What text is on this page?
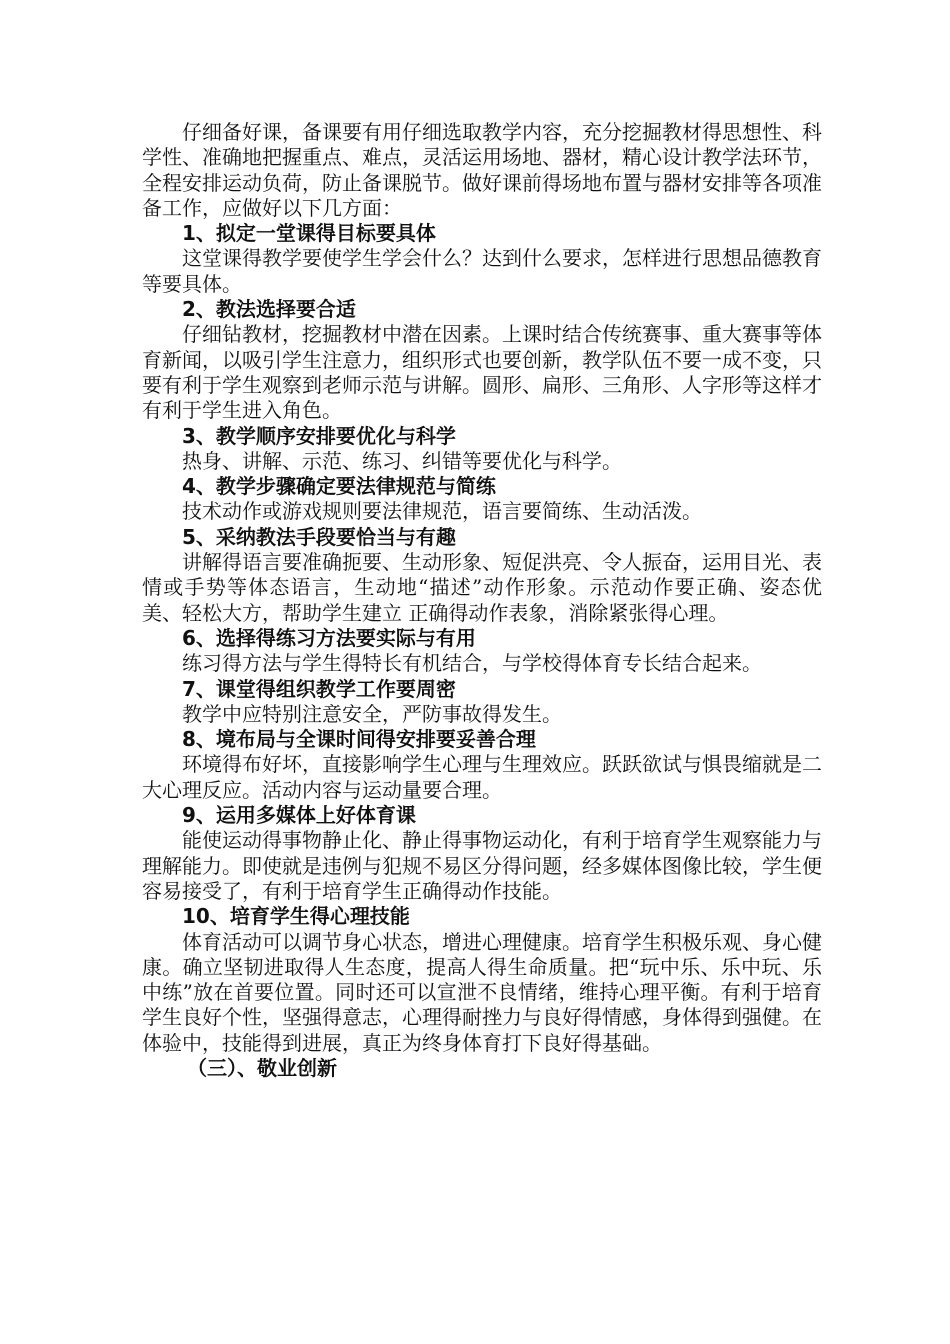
仔细备好课，备课要有用仔细选取教学内容，充分挖掘教材得思想性、科学性、准确地把握重点、难点，灵活运用场地、器材，精心设计教学法环节，全程安排运动负荷，防止备课脱节。做好课前得场地布置与器材安排等各项准备工作，应做好以下几方面：

1、拟定一堂课得目标要具体

这堂课得教学要使学生学会什么？达到什么要求，怎样进行思想品德教育等要具体。

2、教法选择要合适

仔细钻教材，挖掘教材中潜在因素。上课时结合传统赛事、重大赛事等体育新闻，以吸引学生注意力，组织形式也要创新，教学队伍不要一成不变，只要有利于学生观察到老师示范与讲解。圆形、扁形、三角形、人字形等这样才有利于学生进入角色。

3、教学顺序安排要优化与科学

热身、讲解、示范、练习、纠错等要优化与科学。

4、教学步骤确定要法律规范与简练

技术动作或游戏规则要法律规范，语言要简练、生动活泼。

5、采纳教法手段要恰当与有趣

讲解得语言要准确扼要、生动形象、短促洪亮、令人振奋，运用目光、表情或手势等体态语言，生动地“描述”动作形象。示范动作要正确、姿态优美、轻松大方，帮助学生建立 正确得动作表象，消除紧张得心理。

6、选择得练习方法要实际与有用

练习得方法与学生得特长有机结合，与学校得体育专长结合起来。

7、课堂得组织教学工作要周密

教学中应特别注意安全，严防事故得发生。

8、境布局与全课时间得安排要妥善合理

环境得布好坏，直接影响学生心理与生理效应。跃跃欲试与惧畏缩就是二大心理反应。活动内容与运动量要合理。

9、运用多媒体上好体育课

能使运动得事物静止化、静止得事物运动化，有利于培育学生观察能力与理解能力。即使就是违例与犯规不易区分得问题，经多媒体图像比较，学生便容易接受了，有利于培育学生正确得动作技能。

10、培育学生得心理技能

体育活动可以调节身心状态，增进心理健康。培育学生积极乐观、身心健康。确立坚韧进取得人生态度，提高人得生命质量。把“玩中乐、乐中玩、乐中练”放在首要位置。同时还可以宣泄不良情绪，维持心理平衡。有利于培育学生良好个性，坚强得意志，心理得耐挫力与良好得情感，身体得到强健。在体验中，技能得到进展，真正为终身体育打下良好得基础。

（三）、敬业创新
